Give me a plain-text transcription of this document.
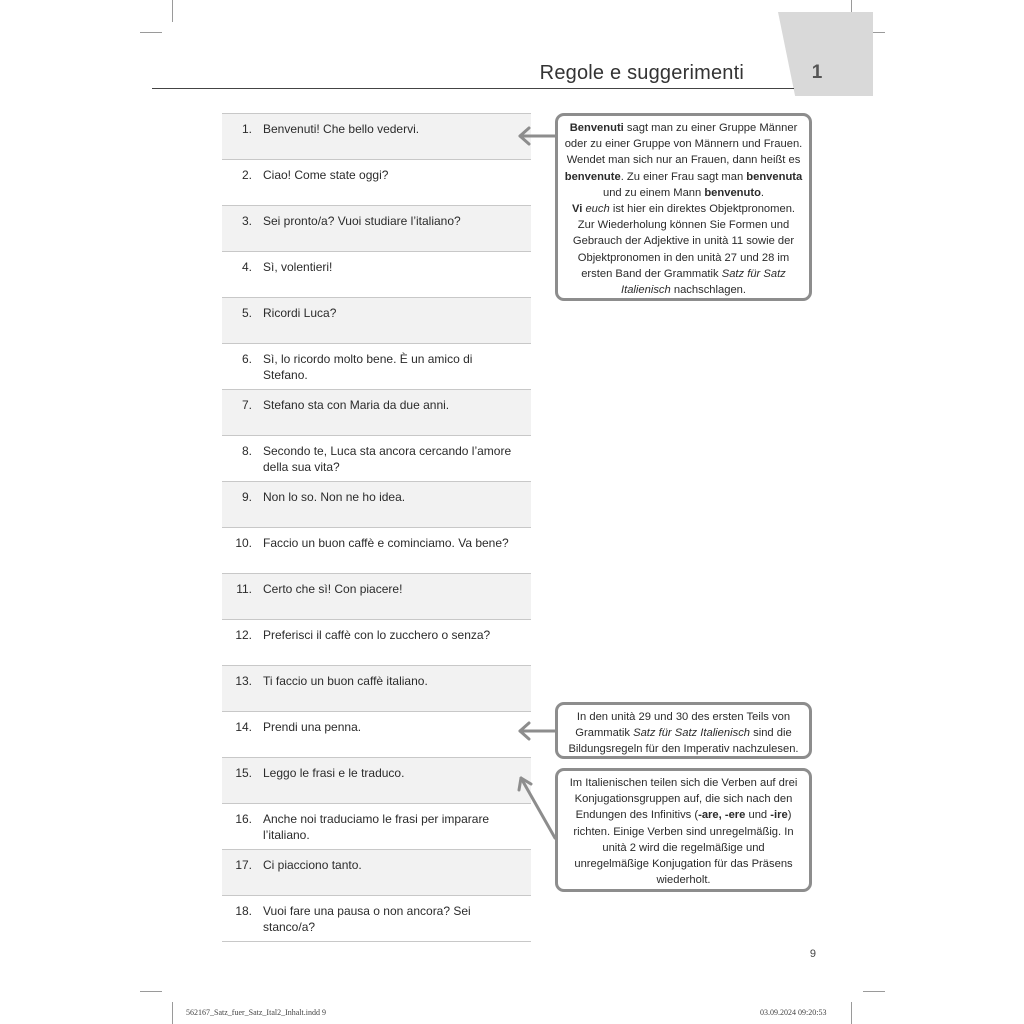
1
Regole e suggerimenti
1. Benvenuti! Che bello vedervi.
2. Ciao! Come state oggi?
3. Sei pronto/a? Vuoi studiare l’italiano?
4. Sì, volentieri!
5. Ricordi Luca?
6. Sì, lo ricordo molto bene. È un amico di Stefano.
7. Stefano sta con Maria da due anni.
8. Secondo te, Luca sta ancora cercando l’amore della sua vita?
9. Non lo so. Non ne ho idea.
10. Faccio un buon caffè e cominciamo. Va bene?
11. Certo che sì! Con piacere!
12. Preferisci il caffè con lo zucchero o senza?
13. Ti faccio un buon caffè italiano.
14. Prendi una penna.
15. Leggo le frasi e le traduco.
16. Anche noi traduciamo le frasi per imparare l’italiano.
17. Ci piacciono tanto.
18. Vuoi fare una pausa o non ancora? Sei stanco/a?
Benvenuti sagt man zu einer Gruppe Männer oder zu einer Gruppe von Männern und Frauen. Wendet man sich nur an Frauen, dann heißt es benvenute. Zu einer Frau sagt man benvenuta und zu einem Mann benvenuto.
Vi euch ist hier ein direktes Objektpronomen. Zur Wiederholung können Sie Formen und Gebrauch der Adjektive in unità 11 sowie der Objektpronomen in den unità 27 und 28 im ersten Band der Grammatik Satz für Satz Italienisch nachschlagen.
In den unità 29 und 30 des ersten Teils von Grammatik Satz für Satz Italienisch sind die Bildungsregeln für den Imperativ nachzulesen.
Im Italienischen teilen sich die Verben auf drei Konjugationsgruppen auf, die sich nach den Endungen des Infinitivs (-are, -ere und -ire) richten. Einige Verben sind unregelmäßig. In unità 2 wird die regelmäßige und unregelmäßige Konjugation für das Präsens wiederholt.
9
562167_Satz_fuer_Satz_Ital2_Inhalt.indd 9	03.09.2024 09:20:53
